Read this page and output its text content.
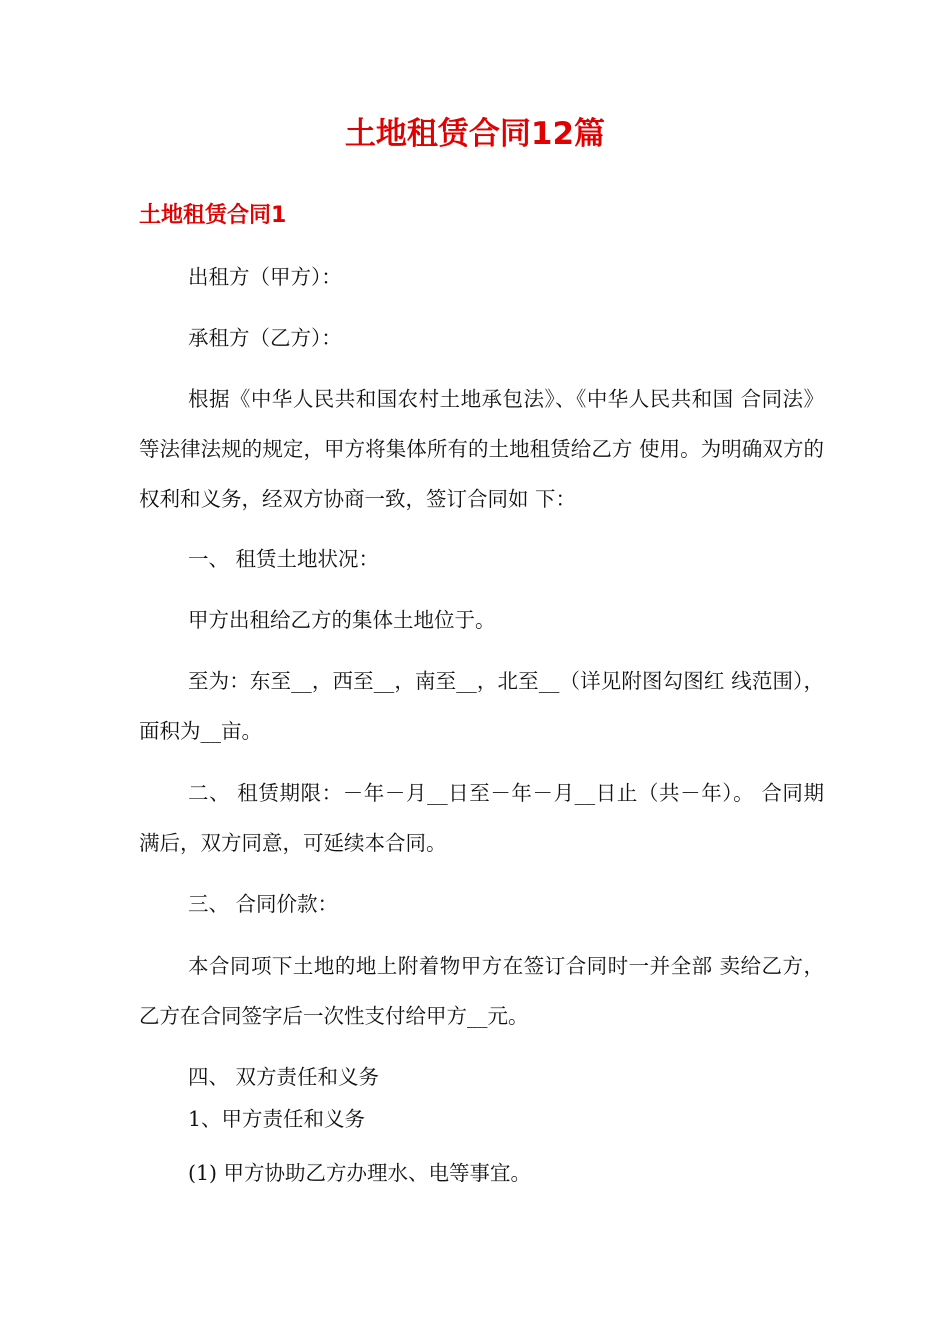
土地租赁合同12篇
土地租赁合同1

出租方（甲方）：

承租方（乙方）：

根据《中华人民共和国农村土地承包法》、《中华人民共和国 合同法》等法律法规的规定，甲方将集体所有的土地租赁给乙方 使用。为明确双方的权利和义务，经双方协商一致，签订合同如 下：

一、 租赁土地状况：

甲方出租给乙方的集体土地位于。

至为：东至__，西至__，南至__，北至__（详见附图勾图红 线范围），面积为__亩。

二、 租赁期限：－年－月__日至－年－月__日止（共－年）。 合同期满后，双方同意，可延续本合同。

三、 合同价款：

本合同项下土地的地上附着物甲方在签订合同时一并全部 卖给乙方，乙方在合同签字后一次性支付给甲方__元。

四、 双方责任和义务

1、甲方责任和义务

(1) 甲方协助乙方办理水、电等事宜。
